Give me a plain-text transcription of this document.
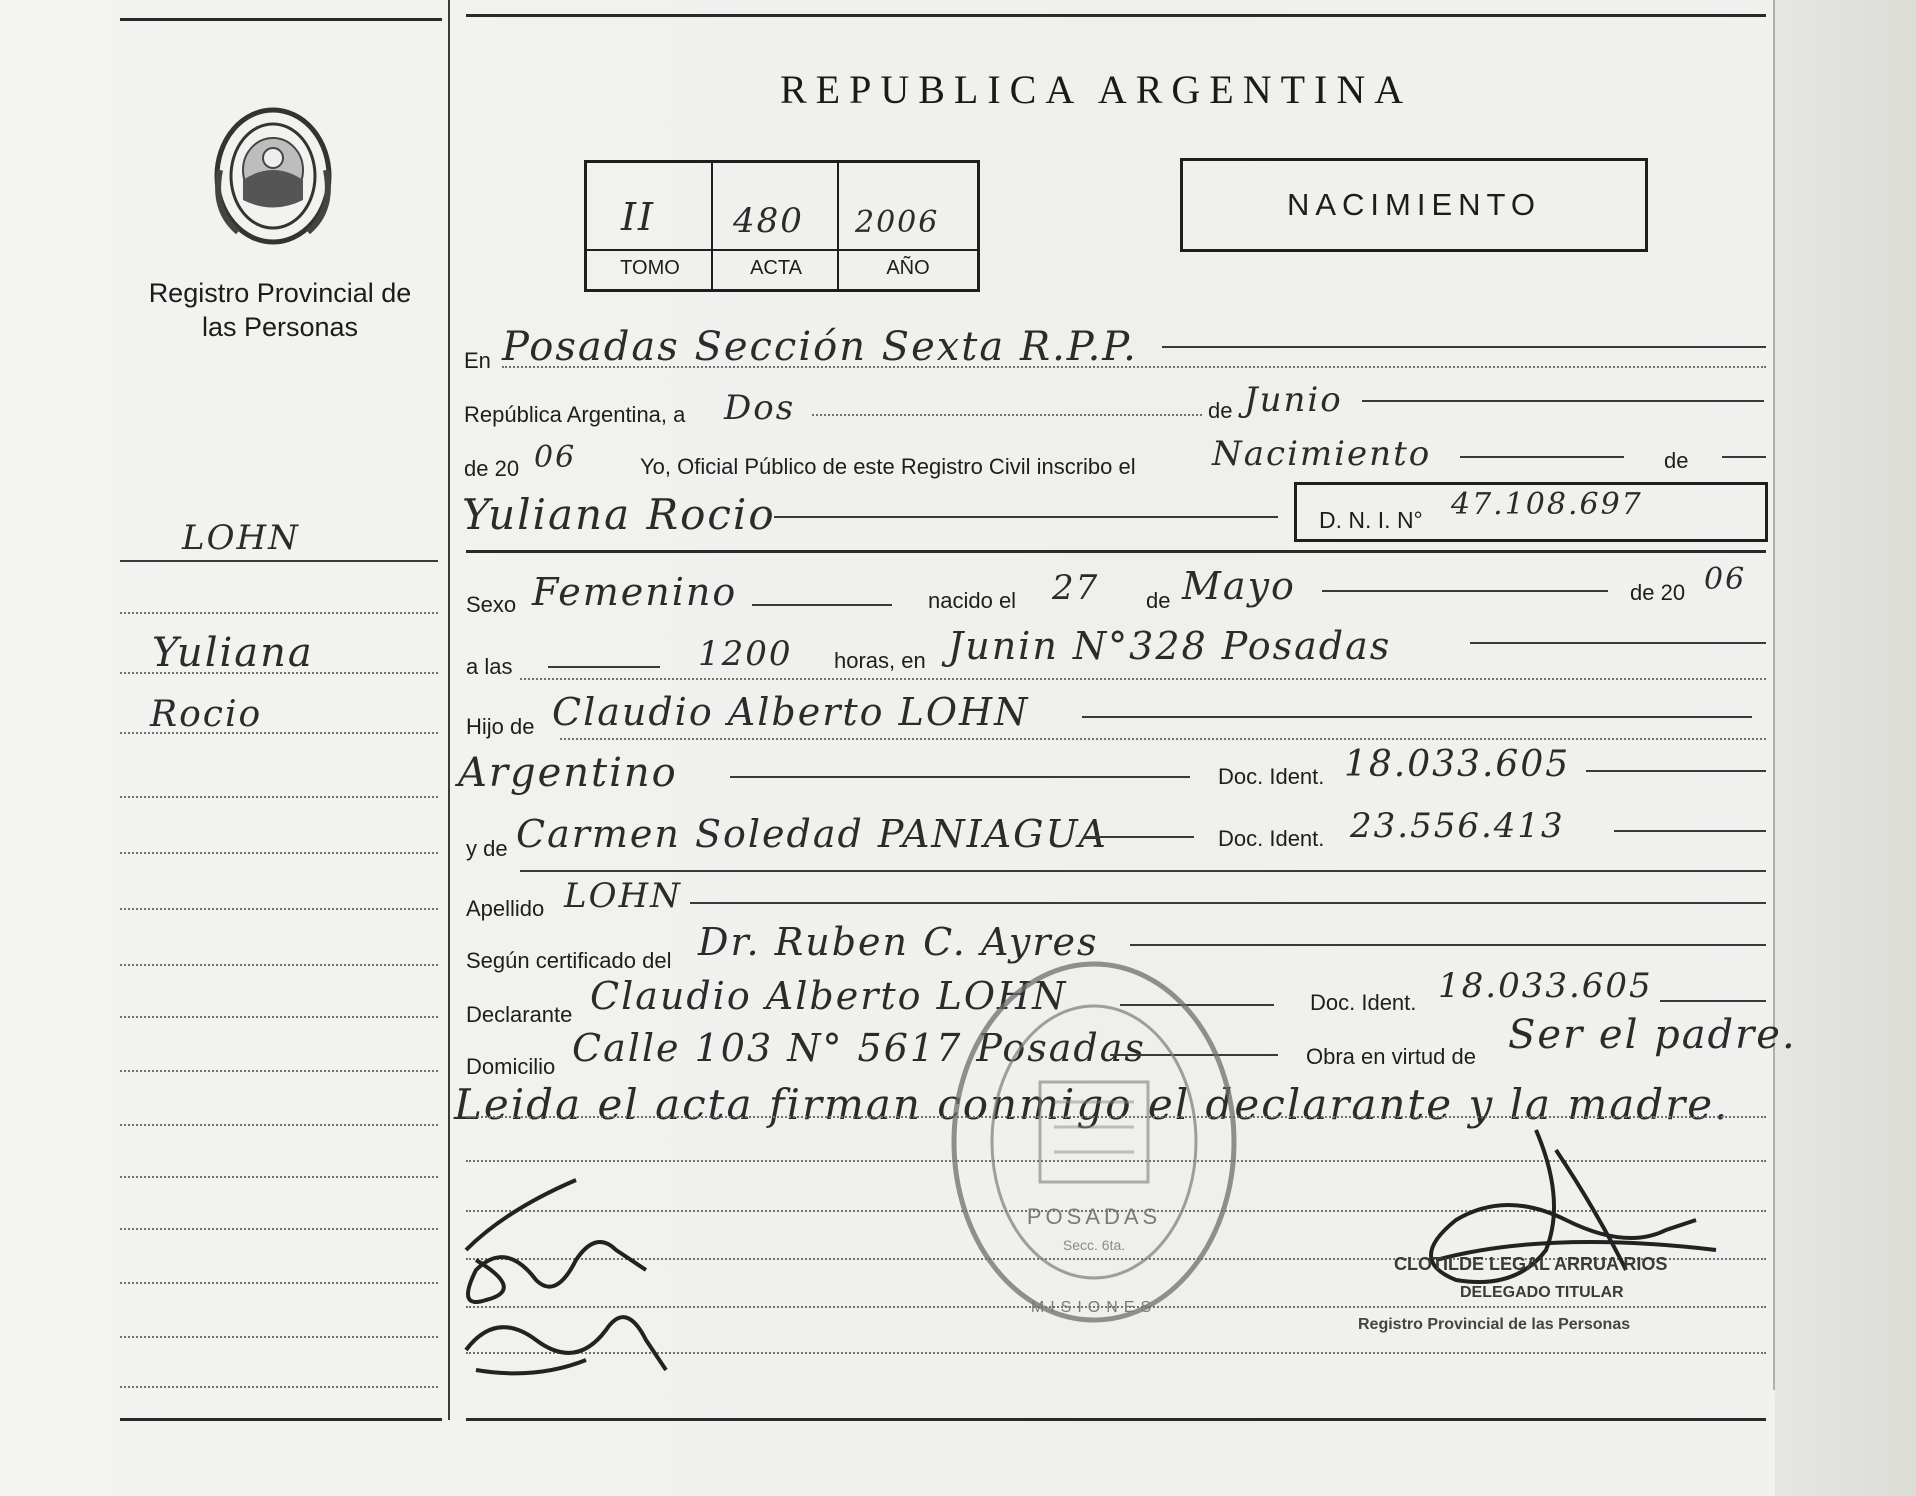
Registro Provincial de las Personas
REPUBLICA ARGENTINA
II 480 2006
TOMO	ACTA	AÑO
NACIMIENTO
LOHN
Yuliana
Rocio
En Posadas Sección Sexta R.P.P.
República Argentina, a Dos	de Junio
de 20 06	Yo, Oficial Público de este Registro Civil inscribo el Nacimiento	de
Yuliana Rocio	D. N. I. N° 47.108.697
Sexo Femenino	nacido el 27 de Mayo	de 20 06
a las	1200 horas, en Junin N°328 Posadas
Hijo de Claudio Alberto LOHN
Argentino	Doc. Ident. 18.033.605
y de Carmen Soledad PANIAGUA	Doc. Ident. 23.556.413
Apellido LOHN
Según certificado del Dr. Ruben C. Ayres
Declarante Claudio Alberto LOHN	Doc. Ident. 18.033.605
Domicilio Calle 103 N° 5617 Posadas	Obra en virtud de Ser el padre.
Leida el acta firman conmigo el declarante y la madre.
POSADAS
Secc. 6ta.
MISIONES
CLOTILDE LEGAL ARRUA RIOS
DELEGADO TITULAR
Registro Provincial de las Personas
